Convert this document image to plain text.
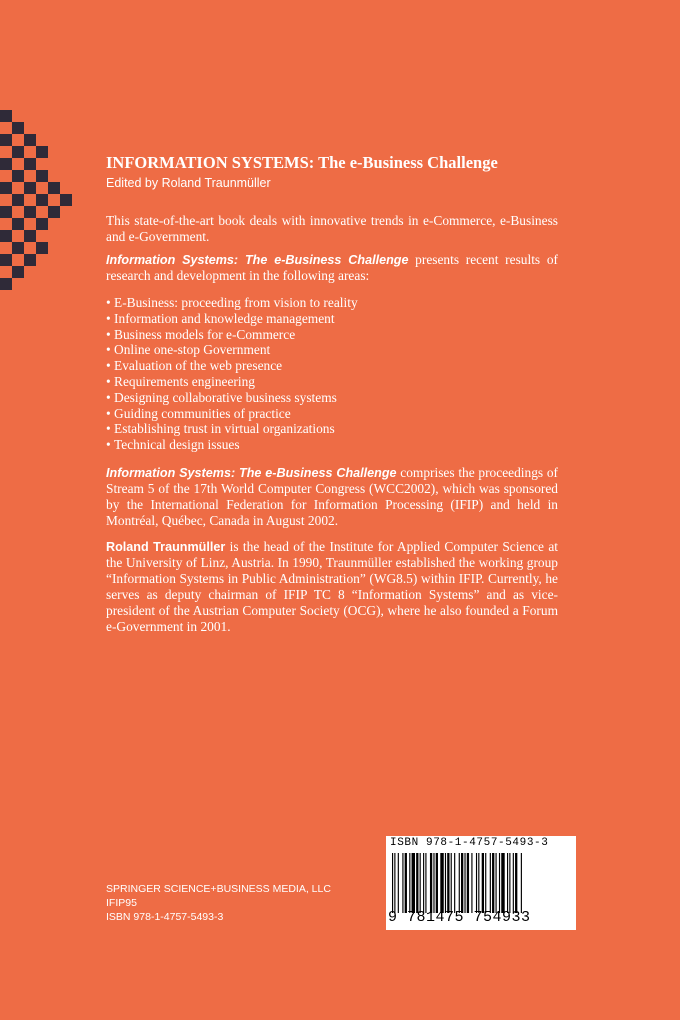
INFORMATION SYSTEMS: The e-Business Challenge

Edited by Roland Traunmüller

This state-of-the-art book deals with innovative trends in e-Commerce, e-Business and e-Government.

Information Systems: The e-Business Challenge presents recent results of research and development in the following areas:

• E-Business: proceeding from vision to reality
• Information and knowledge management
• Business models for e-Commerce
• Online one-stop Government
• Evaluation of the web presence
• Requirements engineering
• Designing collaborative business systems
• Guiding communities of practice
• Establishing trust in virtual organizations
• Technical design issues

Information Systems: The e-Business Challenge comprises the proceedings of Stream 5 of the 17th World Computer Congress (WCC2002), which was sponsored by the International Federation for Information Processing (IFIP) and held in Montréal, Québec, Canada in August 2002.

Roland Traunmüller is the head of the Institute for Applied Computer Science at the University of Linz, Austria. In 1990, Traunmüller established the working group “Information Systems in Public Administration” (WG8.5) within IFIP. Currently, he serves as deputy chairman of IFIP TC 8 “Information Systems” and as vice-president of the Austrian Computer Society (OCG), where he also founded a Forum e-Government in 2001.

SPRINGER SCIENCE+BUSINESS MEDIA, LLC
IFIP95
ISBN 978-1-4757-5493-3
ISBN 978-1-4757-5493-3
9 781475 754933
